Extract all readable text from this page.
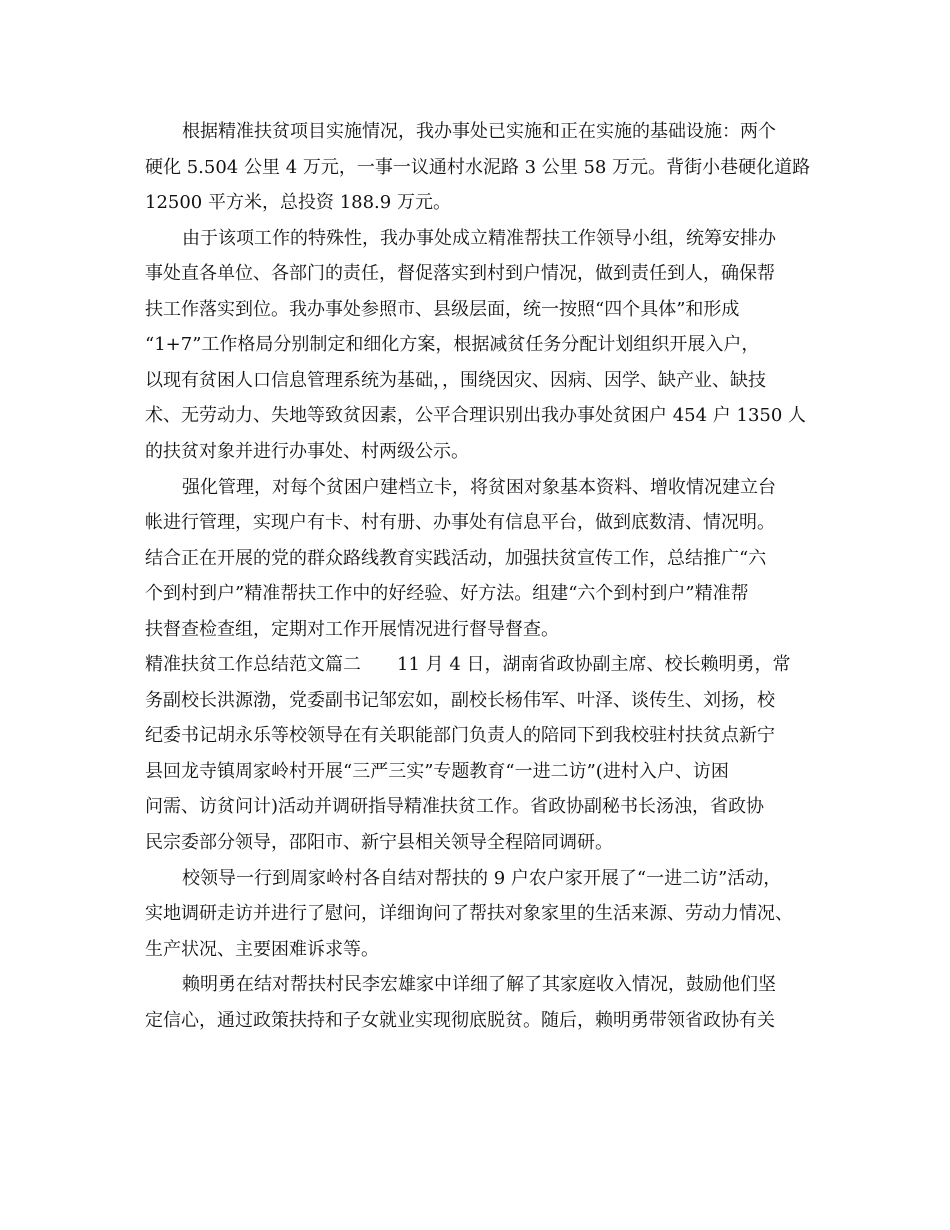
根据精准扶贫项目实施情况，我办事处已实施和正在实施的基础设施：两个
硬化 5.504 公里 4 万元，一事一议通村水泥路 3 公里 58 万元。背街小巷硬化道路
12500 平方米，总投资 188.9 万元。
由于该项工作的特殊性，我办事处成立精准帮扶工作领导小组，统筹安排办
事处直各单位、各部门的责任，督促落实到村到户情况，做到责任到人，确保帮
扶工作落实到位。我办事处参照市、县级层面，统一按照“四个具体”和形成
“1+7”工作格局分别制定和细化方案，根据减贫任务分配计划组织开展入户，
以现有贫困人口信息管理系统为基础，，围绕因灾、因病、因学、缺产业、缺技
术、无劳动力、失地等致贫因素，公平合理识别出我办事处贫困户 454 户 1350 人
的扶贫对象并进行办事处、村两级公示。
强化管理，对每个贫困户建档立卡，将贫困对象基本资料、增收情况建立台
帐进行管理，实现户有卡、村有册、办事处有信息平台，做到底数清、情况明。
结合正在开展的党的群众路线教育实践活动，加强扶贫宣传工作，总结推广“六
个到村到户”精准帮扶工作中的好经验、好方法。组建“六个到村到户”精准帮
扶督查检查组，定期对工作开展情况进行督导督查。
精准扶贫工作总结范文篇二　　11 月 4 日，湖南省政协副主席、校长赖明勇，常
务副校长洪源渤，党委副书记邹宏如，副校长杨伟军、叶泽、谈传生、刘扬，校
纪委书记胡永乐等校领导在有关职能部门负责人的陪同下到我校驻村扶贫点新宁
县回龙寺镇周家岭村开展“三严三实”专题教育“一进二访”(进村入户、访困
问需、访贫问计)活动并调研指导精准扶贫工作。省政协副秘书长汤浊，省政协
民宗委部分领导，邵阳市、新宁县相关领导全程陪同调研。
校领导一行到周家岭村各自结对帮扶的 9 户农户家开展了“一进二访”活动，
实地调研走访并进行了慰问，详细询问了帮扶对象家里的生活来源、劳动力情况、
生产状况、主要困难诉求等。
赖明勇在结对帮扶村民李宏雄家中详细了解了其家庭收入情况，鼓励他们坚
定信心，通过政策扶持和子女就业实现彻底脱贫。随后，赖明勇带领省政协有关
